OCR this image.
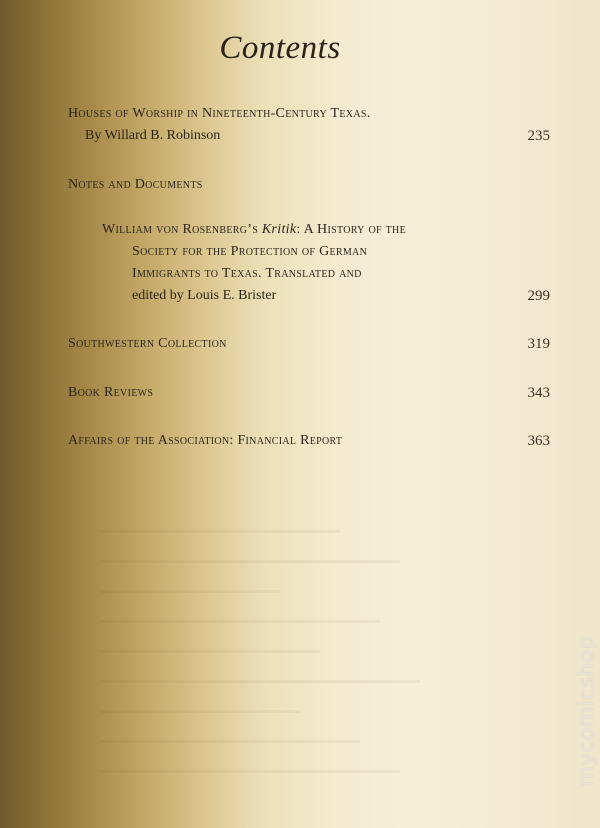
Contents
Houses of Worship in Nineteenth-Century Texas.
By Willard B. Robinson	235
Notes and Documents
William von Rosenberg’s Kritik: A History of the
Society for the Protection of German
Immigrants to Texas. Translated and
edited by Louis E. Brister	299
Southwestern Collection	319
Book Reviews	343
Affairs of the Association: Financial Report	363
mycomicshop
